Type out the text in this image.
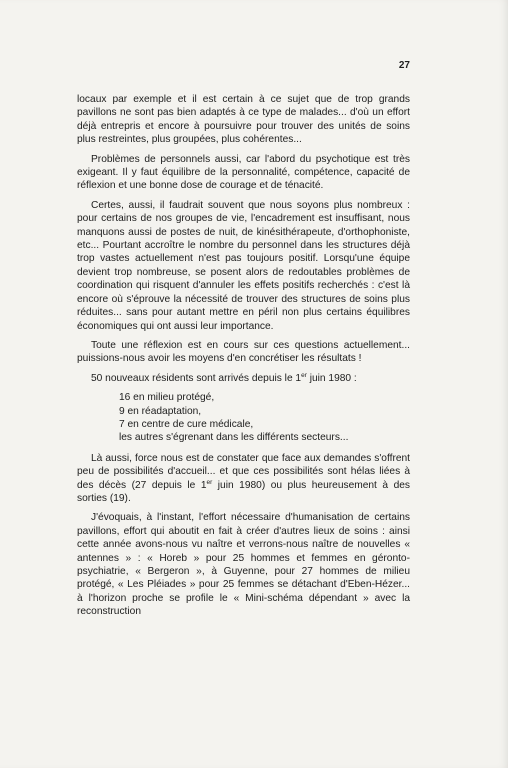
27

locaux par exemple et il est certain à ce sujet que de trop grands pavillons ne sont pas bien adaptés à ce type de malades... d'où un effort déjà entrepris et encore à poursuivre pour trouver des unités de soins plus restreintes, plus groupées, plus cohérentes...

Problèmes de personnels aussi, car l'abord du psychotique est très exigeant. Il y faut équilibre de la personnalité, compétence, capacité de réflexion et une bonne dose de courage et de ténacité.

Certes, aussi, il faudrait souvent que nous soyons plus nombreux : pour certains de nos groupes de vie, l'encadrement est insuffisant, nous manquons aussi de postes de nuit, de kinésithérapeute, d'orthophoniste, etc... Pourtant accroître le nombre du personnel dans les structures déjà trop vastes actuellement n'est pas toujours positif. Lorsqu'une équipe devient trop nombreuse, se posent alors de redoutables problèmes de coordination qui risquent d'annuler les effets positifs recherchés : c'est là encore où s'éprouve la nécessité de trouver des structures de soins plus réduites... sans pour autant mettre en péril non plus certains équilibres économiques qui ont aussi leur importance.

Toute une réflexion est en cours sur ces questions actuellement... puissions-nous avoir les moyens d'en concrétiser les résultats !

50 nouveaux résidents sont arrivés depuis le 1er juin 1980 :

16 en milieu protégé,
9 en réadaptation,
7 en centre de cure médicale,
les autres s'égrenant dans les différents secteurs...

Là aussi, force nous est de constater que face aux demandes s'offrent peu de possibilités d'accueil... et que ces possibilités sont hélas liées à des décès (27 depuis le 1er juin 1980) ou plus heureusement à des sorties (19).

J'évoquais, à l'instant, l'effort nécessaire d'humanisation de certains pavillons, effort qui aboutit en fait à créer d'autres lieux de soins : ainsi cette année avons-nous vu naître et verrons-nous naître de nouvelles « antennes » : « Horeb » pour 25 hommes et femmes en géronto-psychiatrie, « Bergeron », à Guyenne, pour 27 hommes de milieu protégé, « Les Pléiades » pour 25 femmes se détachant d'Eben-Hézer... à l'horizon proche se profile le « Mini-schéma dépendant » avec la reconstruction
